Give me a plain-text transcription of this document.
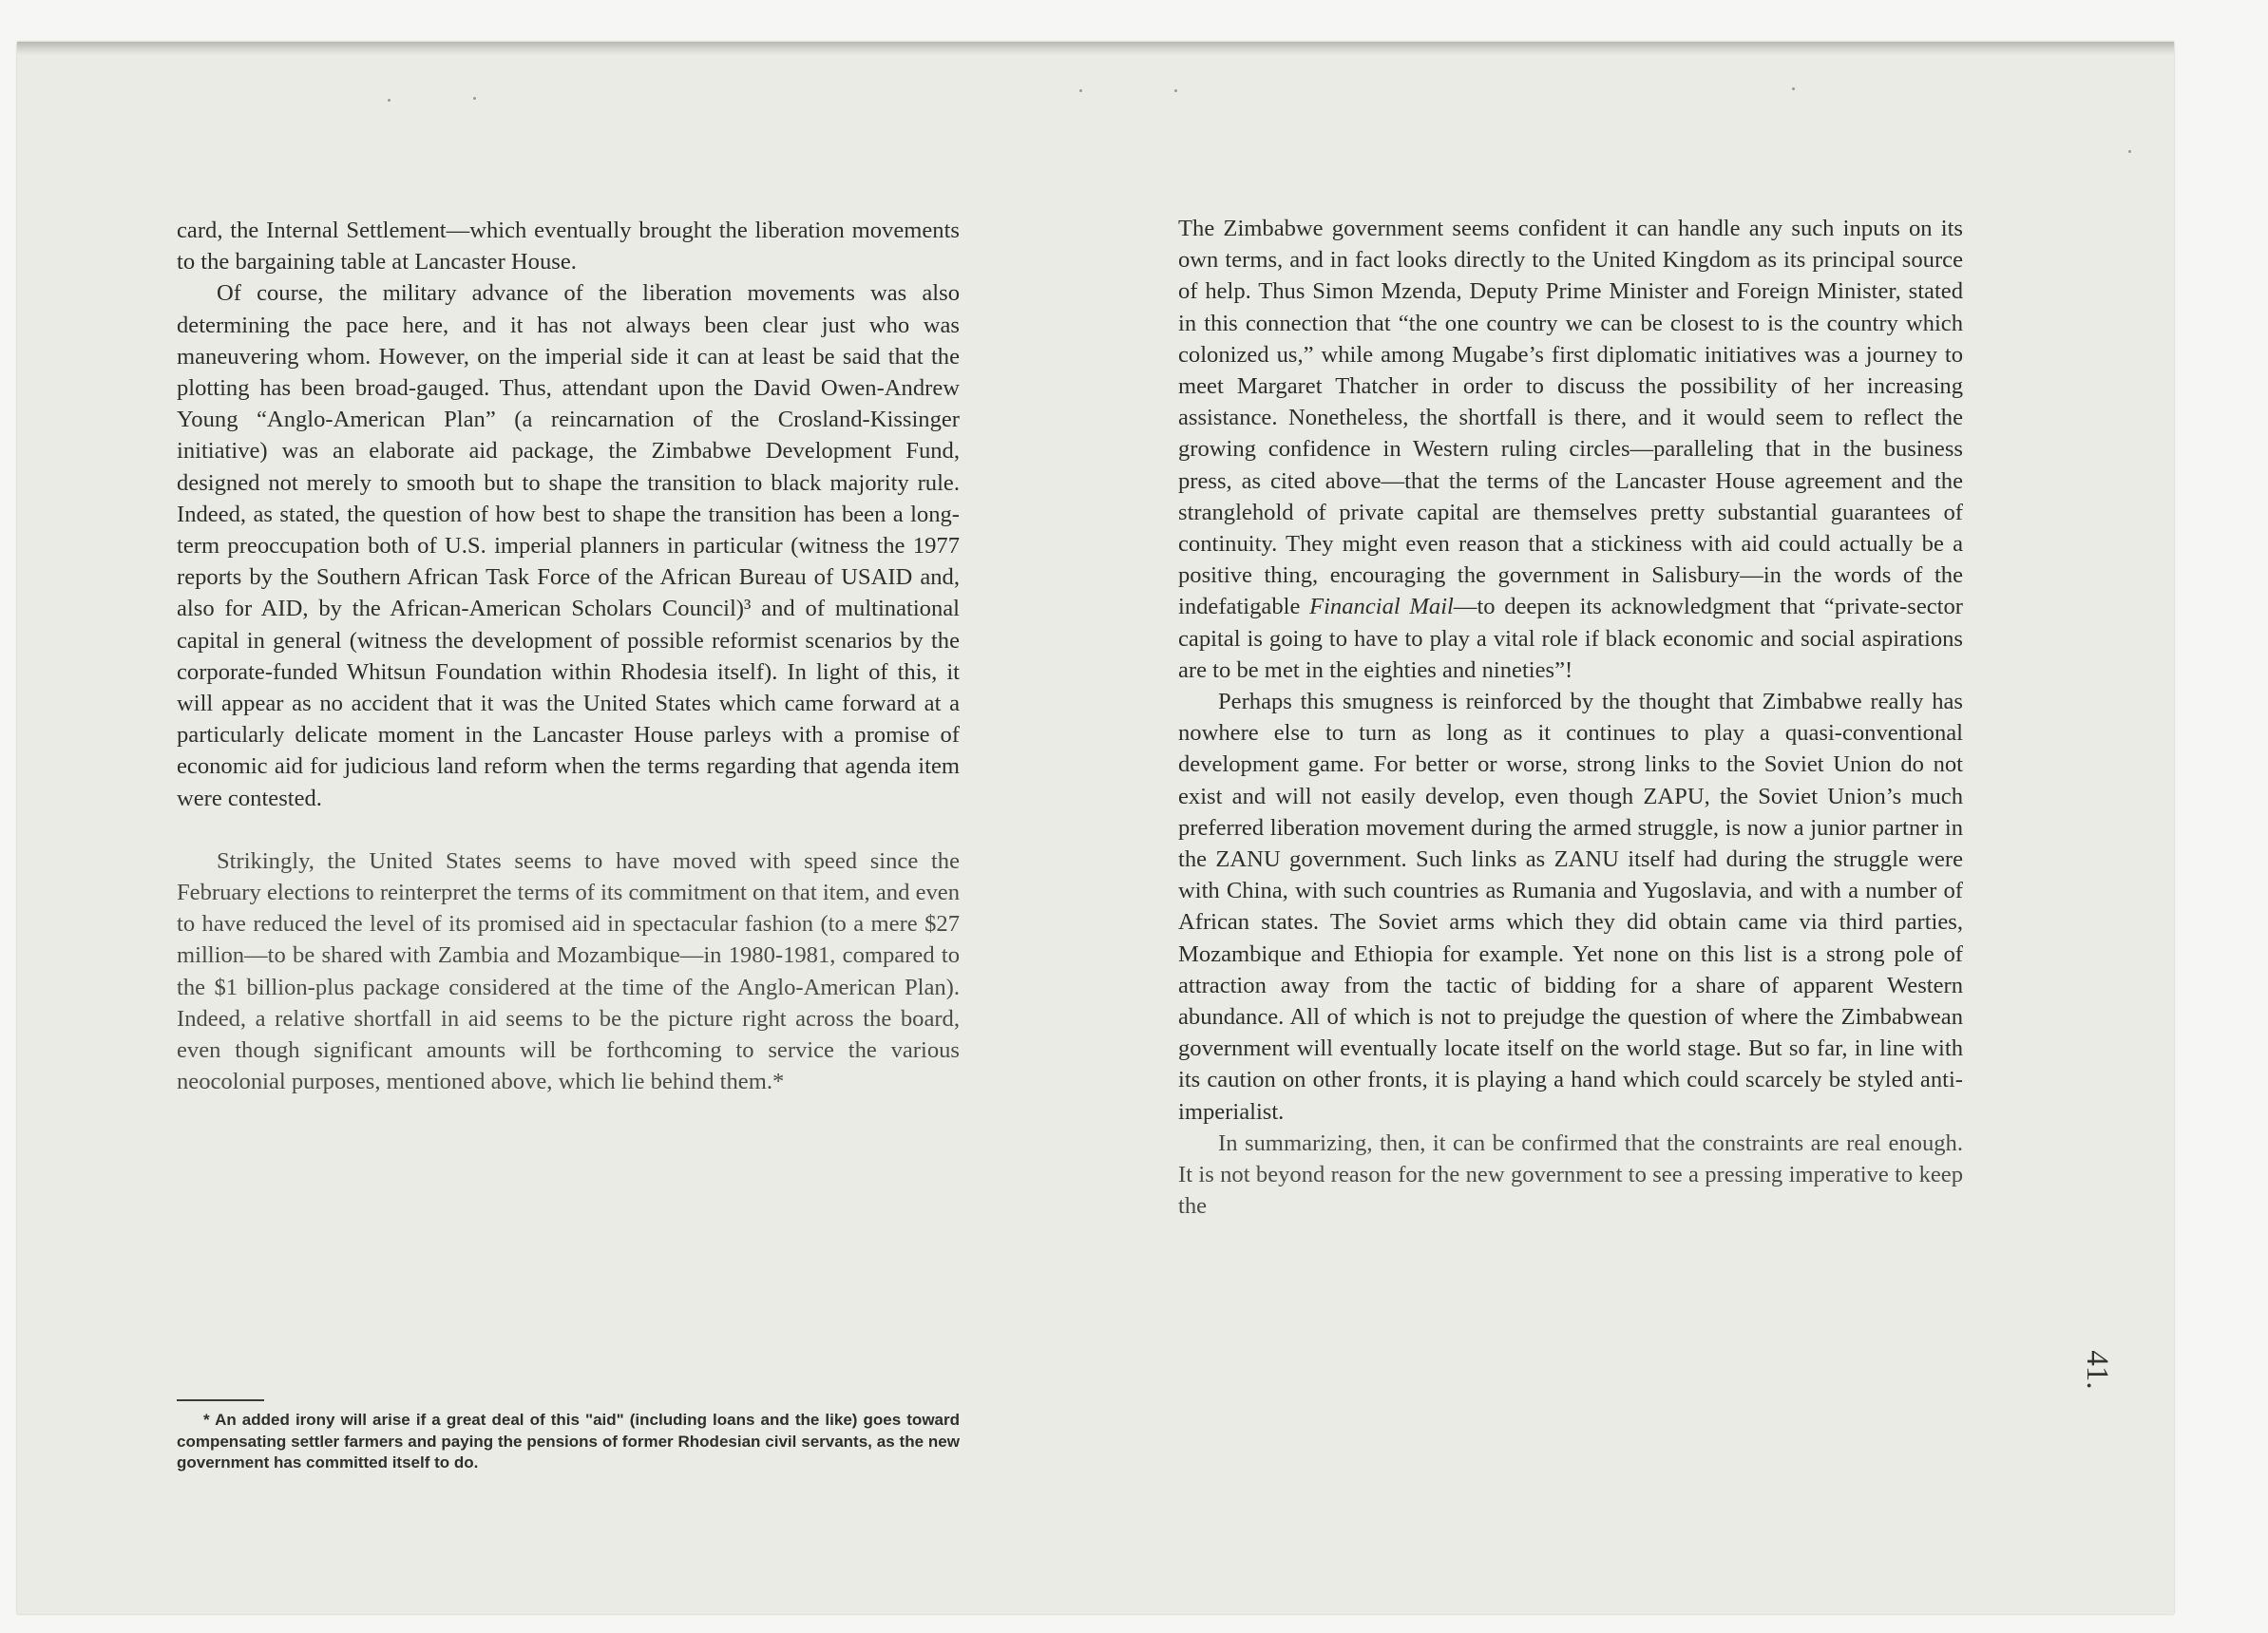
card, the Internal Settlement—which eventually brought the liberation movements to the bargaining table at Lancaster House.

Of course, the military advance of the liberation movements was also determining the pace here, and it has not always been clear just who was maneuvering whom. However, on the imperial side it can at least be said that the plotting has been broad-gauged. Thus, attendant upon the David Owen-Andrew Young “Anglo-American Plan” (a reincarnation of the Crosland-Kissinger initiative) was an elaborate aid package, the Zimbabwe Development Fund, designed not merely to smooth but to shape the transition to black majority rule. Indeed, as stated, the question of how best to shape the transition has been a long-term preoccupation both of U.S. imperial planners in particular (witness the 1977 reports by the Southern African Task Force of the African Bureau of USAID and, also for AID, by the African-American Scholars Council)³ and of multinational capital in general (witness the development of possible reformist scenarios by the corporate-funded Whitsun Foundation within Rhodesia itself). In light of this, it will appear as no accident that it was the United States which came forward at a particularly delicate moment in the Lancaster House parleys with a promise of economic aid for judicious land reform when the terms regarding that agenda item were contested.

Strikingly, the United States seems to have moved with speed since the February elections to reinterpret the terms of its commitment on that item, and even to have reduced the level of its promised aid in spectacular fashion (to a mere $27 million—to be shared with Zambia and Mozambique—in 1980-1981, compared to the $1 billion-plus package considered at the time of the Anglo-American Plan). Indeed, a relative shortfall in aid seems to be the picture right across the board, even though significant amounts will be forthcoming to service the various neocolonial purposes, mentioned above, which lie behind them.*

* An added irony will arise if a great deal of this "aid" (including loans and the like) goes toward compensating settler farmers and paying the pensions of former Rhodesian civil servants, as the new government has committed itself to do.

The Zimbabwe government seems confident it can handle any such inputs on its own terms, and in fact looks directly to the United Kingdom as its principal source of help. Thus Simon Mzenda, Deputy Prime Minister and Foreign Minister, stated in this connection that “the one country we can be closest to is the country which colonized us,” while among Mugabe’s first diplomatic initiatives was a journey to meet Margaret Thatcher in order to discuss the possibility of her increasing assistance. Nonetheless, the shortfall is there, and it would seem to reflect the growing confidence in Western ruling circles—paralleling that in the business press, as cited above—that the terms of the Lancaster House agreement and the stranglehold of private capital are themselves pretty substantial guarantees of continuity. They might even reason that a stickiness with aid could actually be a positive thing, encouraging the government in Salisbury—in the words of the indefatigable Financial Mail—to deepen its acknowledgment that “private-sector capital is going to have to play a vital role if black economic and social aspirations are to be met in the eighties and nineties”!

Perhaps this smugness is reinforced by the thought that Zimbabwe really has nowhere else to turn as long as it continues to play a quasi-conventional development game. For better or worse, strong links to the Soviet Union do not exist and will not easily develop, even though ZAPU, the Soviet Union’s much preferred liberation movement during the armed struggle, is now a junior partner in the ZANU government. Such links as ZANU itself had during the struggle were with China, with such countries as Rumania and Yugoslavia, and with a number of African states. The Soviet arms which they did obtain came via third parties, Mozambique and Ethiopia for example. Yet none on this list is a strong pole of attraction away from the tactic of bidding for a share of apparent Western abundance. All of which is not to prejudge the question of where the Zimbabwean government will eventually locate itself on the world stage. But so far, in line with its caution on other fronts, it is playing a hand which could scarcely be styled anti-imperialist.

In summarizing, then, it can be confirmed that the constraints are real enough. It is not beyond reason for the new government to see a pressing imperative to keep the

41.
